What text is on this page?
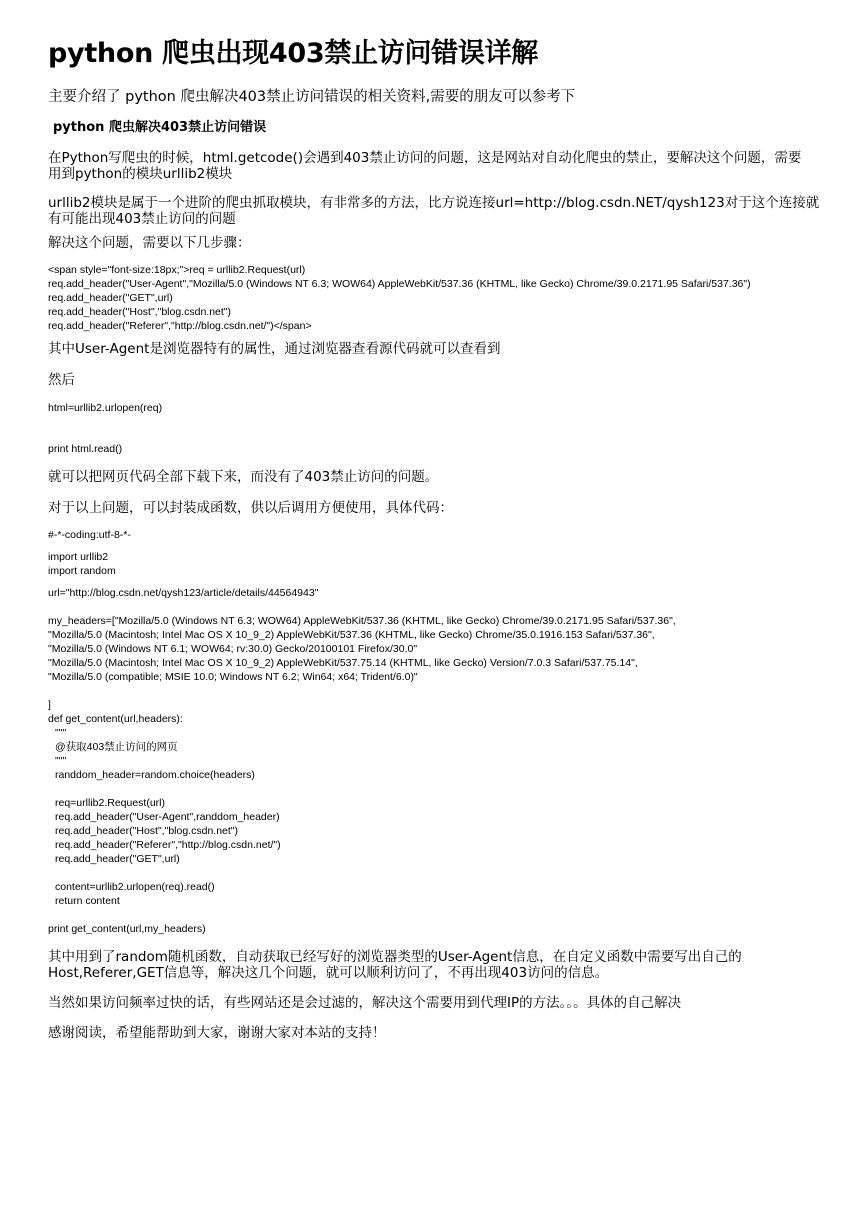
python 爬虫出现403禁止访问错误详解
主要介绍了 python 爬虫解决403禁止访问错误的相关资料,需要的朋友可以参考下
python 爬虫解决403禁止访问错误
在Python写爬虫的时候，html.getcode()会遇到403禁止访问的问题，这是网站对自动化爬虫的禁止，要解决这个问题，需要
用到python的模块urllib2模块
urllib2模块是属于一个进阶的爬虫抓取模块，有非常多的方法，比方说连接url=http://blog.csdn.NET/qysh123对于这个连接就
有可能出现403禁止访问的问题
解决这个问题，需要以下几步骤：
<span style="font-size:18px;">req = urllib2.Request(url)
req.add_header("User-Agent","Mozilla/5.0 (Windows NT 6.3; WOW64) AppleWebKit/537.36 (KHTML, like Gecko) Chrome/39.0.2171.95 Safari/537.36")
req.add_header("GET",url)
req.add_header("Host","blog.csdn.net")
req.add_header("Referer","http://blog.csdn.net/")</span>
其中User-Agent是浏览器特有的属性，通过浏览器查看源代码就可以查看到
然后
html=urllib2.urlopen(req)
print html.read()
就可以把网页代码全部下载下来，而没有了403禁止访问的问题。
对于以上问题，可以封装成函数，供以后调用方便使用，具体代码：
#-*-coding:utf-8-*-
import urllib2
import random
url="http://blog.csdn.net/qysh123/article/details/44564943"
my_headers=["Mozilla/5.0 (Windows NT 6.3; WOW64) AppleWebKit/537.36 (KHTML, like Gecko) Chrome/39.0.2171.95 Safari/537.36",
"Mozilla/5.0 (Macintosh; Intel Mac OS X 10_9_2) AppleWebKit/537.36 (KHTML, like Gecko) Chrome/35.0.1916.153 Safari/537.36",
"Mozilla/5.0 (Windows NT 6.1; WOW64; rv:30.0) Gecko/20100101 Firefox/30.0"
"Mozilla/5.0 (Macintosh; Intel Mac OS X 10_9_2) AppleWebKit/537.75.14 (KHTML, like Gecko) Version/7.0.3 Safari/537.75.14",
"Mozilla/5.0 (compatible; MSIE 10.0; Windows NT 6.2; Win64; x64; Trident/6.0)"
]
def get_content(url,headers):
"""
@获取403禁止访问的网页
"""
randdom_header=random.choice(headers)
req=urllib2.Request(url)
req.add_header("User-Agent",randdom_header)
req.add_header("Host","blog.csdn.net")
req.add_header("Referer","http://blog.csdn.net/")
req.add_header("GET",url)
content=urllib2.urlopen(req).read()
return content
print get_content(url,my_headers)
其中用到了random随机函数，自动获取已经写好的浏览器类型的User-Agent信息，在自定义函数中需要写出自己的
Host,Referer,GET信息等，解决这几个问题，就可以顺利访问了，不再出现403访问的信息。
当然如果访问频率过快的话，有些网站还是会过滤的，解决这个需要用到代理IP的方法。。。具体的自己解决
感谢阅读，希望能帮助到大家，谢谢大家对本站的支持！
